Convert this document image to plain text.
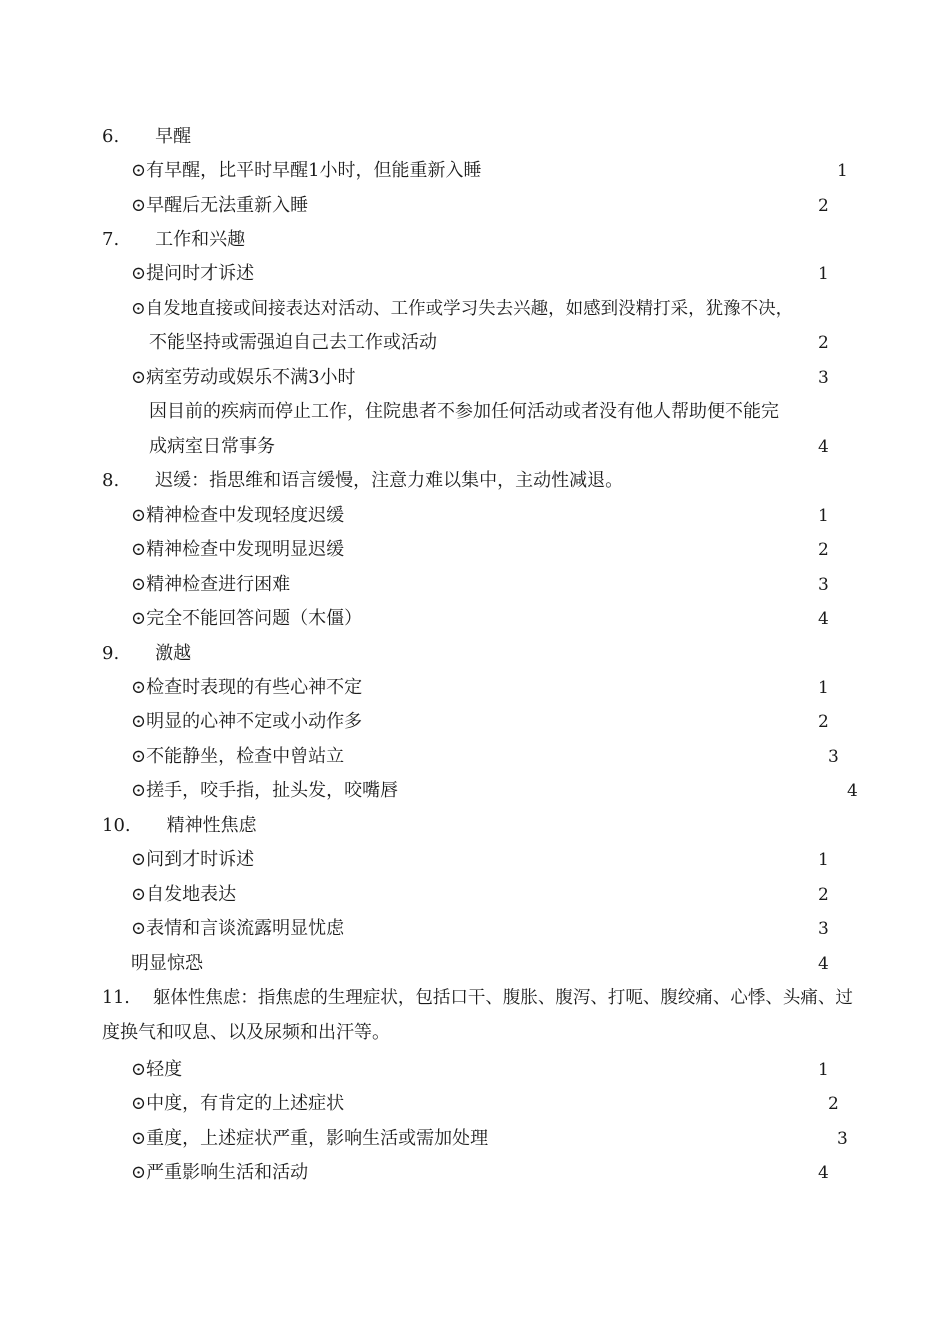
6.　　早醒
⊙有早醒，比平时早醒1小时，但能重新入睡	1
⊙早醒后无法重新入睡	2
7.　　工作和兴趣
⊙提问时才诉述	1
⊙自发地直接或间接表达对活动、工作或学习失去兴趣，如感到没精打采，犹豫不决，
不能坚持或需强迫自己去工作或活动	2
⊙病室劳动或娱乐不满3小时	3
因目前的疾病而停止工作，住院患者不参加任何活动或者没有他人帮助便不能完
成病室日常事务	4
8.　　迟缓：指思维和语言缓慢，注意力难以集中，主动性减退。
⊙精神检查中发现轻度迟缓	1
⊙精神检查中发现明显迟缓	2
⊙精神检查进行困难	3
⊙完全不能回答问题（木僵）	4
9.　　激越
⊙检查时表现的有些心神不定	1
⊙明显的心神不定或小动作多	2
⊙不能静坐，检查中曾站立	3
⊙搓手，咬手指，扯头发，咬嘴唇	4
10.　　精神性焦虑
⊙问到才时诉述	1
⊙自发地表达	2
⊙表情和言谈流露明显忧虑	3
明显惊恐	4
11.　 躯体性焦虑：指焦虑的生理症状，包括口干、腹胀、腹泻、打呃、腹绞痛、心悸、头痛、过
度换气和叹息、以及尿频和出汗等。
⊙轻度	1
⊙中度，有肯定的上述症状	2
⊙重度，上述症状严重，影响生活或需加处理	3
⊙严重影响生活和活动	4
